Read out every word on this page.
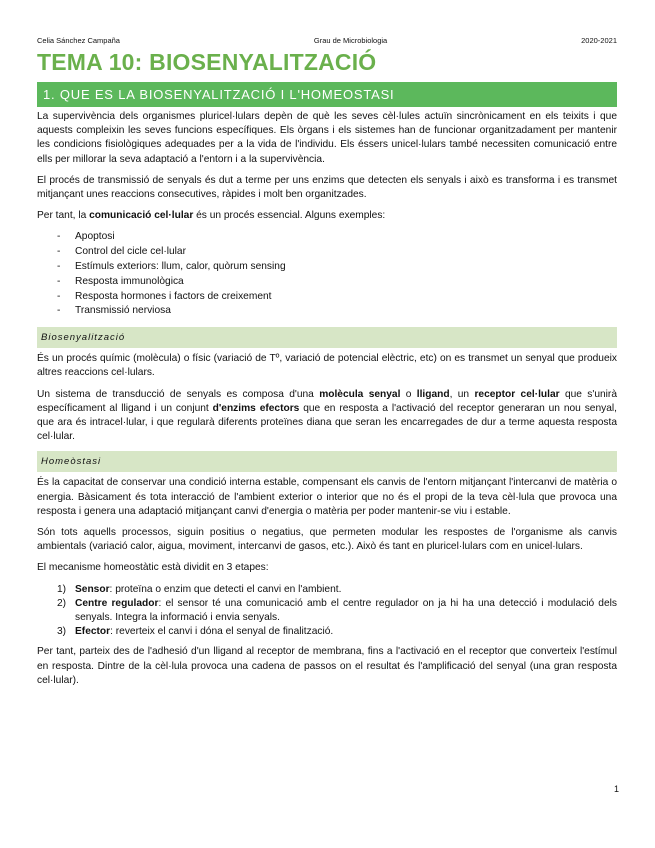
Celia Sánchez Campaña	Grau de Microbiologia	2020-2021
TEMA 10: BIOSENYALITZACIÓ
1. QUE ES LA BIOSENYALITZACIÓ I L'HOMEOSTASI

La supervivència dels organismes pluricel·lulars depèn de què les seves cèl·lules actuïn sincrònicament en els teixits i que aquests compleixin les seves funcions específiques. Els òrgans i els sistemes han de funcionar organitzadament per mantenir les condicions fisiològiques adequades per a la vida de l'individu. Els éssers unicel·lulars també necessiten comunicació entre ells per millorar la seva adaptació a l'entorn i a la supervivència.

El procés de transmissió de senyals és dut a terme per uns enzims que detecten els senyals i això es transforma i es transmet mitjançant unes reaccions consecutives, ràpides i molt ben organitzades.

Per tant, la comunicació cel·lular és un procés essencial. Alguns exemples:

- Apoptosi
- Control del cicle cel·lular
- Estímuls exteriors: llum, calor, quòrum sensing
- Resposta immunològica
- Resposta hormones i factors de creixement
- Transmissió nerviosa
Biosenyalització

És un procés químic (molècula) o físic (variació de Tº, variació de potencial elèctric, etc) on es transmet un senyal que produeix altres reaccions cel·lulars.

Un sistema de transducció de senyals es composa d'una molècula senyal o lligand, un receptor cel·lular que s'unirà específicament al lligand i un conjunt d'enzims efectors que en resposta a l'activació del receptor generaran un nou senyal, que ara és intracel·lular, i que regularà diferents proteïnes diana que seran les encarregades de dur a terme aquesta resposta cel·lular.

Homeòstasi

És la capacitat de conservar una condició interna estable, compensant els canvis de l'entorn mitjançant l'intercanvi de matèria o energia. Bàsicament és tota interacció de l'ambient exterior o interior que no és el propi de la teva cèl·lula que provoca una resposta i genera una adaptació mitjançant canvi d'energia o matèria per poder mantenir-se viu i estable.

Són tots aquells processos, siguin positius o negatius, que permeten modular les respostes de l'organisme als canvis ambientals (variació calor, aigua, moviment, intercanvi de gasos, etc.). Això és tant en pluricel·lulars com en unicel·lulars.

El mecanisme homeostàtic està dividit en 3 etapes:

1) Sensor: proteïna o enzim que detecti el canvi en l'ambient.
2) Centre regulador: el sensor té una comunicació amb el centre regulador on ja hi ha una detecció i modulació dels senyals. Integra la informació i envia senyals.
3) Efector: reverteix el canvi i dóna el senyal de finalització.

Per tant, parteix des de l'adhesió d'un lligand al receptor de membrana, fins a l'activació en el receptor que converteix l'estímul en resposta. Dintre de la cèl·lula provoca una cadena de passos on el resultat és l'amplificació del senyal (una gran resposta cel·lular).

1
